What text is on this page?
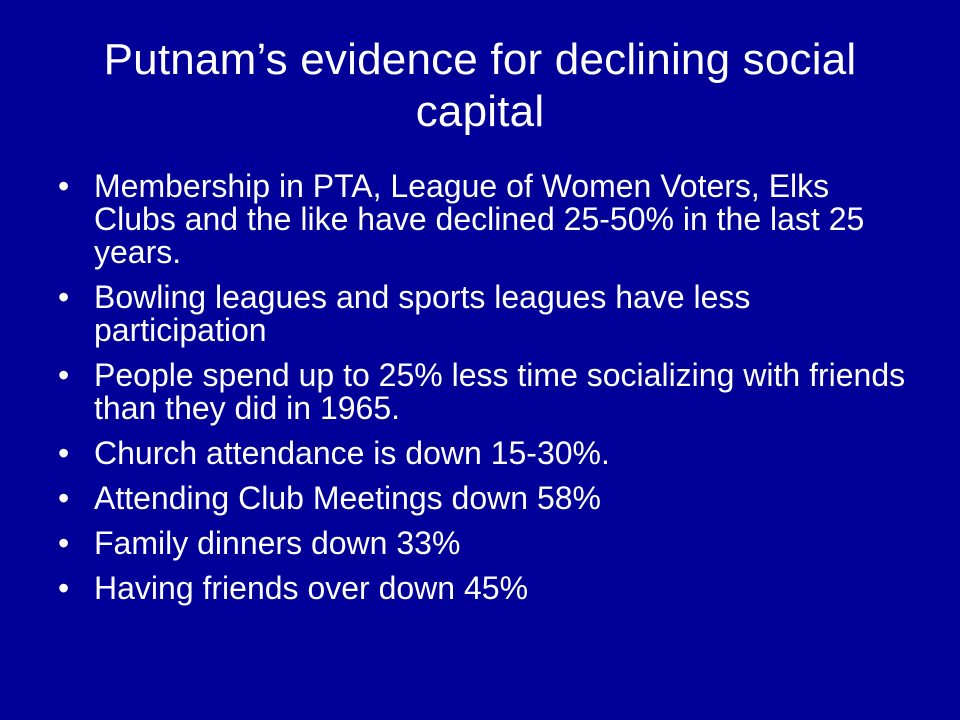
Putnam’s evidence for declining social capital
• Membership in PTA, League of Women Voters, Elks Clubs and the like have declined 25-50% in the last 25 years.
• Bowling leagues and sports leagues have less participation
• People spend up to 25% less time socializing with friends than they did in 1965.
• Church attendance is down 15-30%.
• Attending Club Meetings down 58%
• Family dinners down 33%
• Having friends over down 45%
